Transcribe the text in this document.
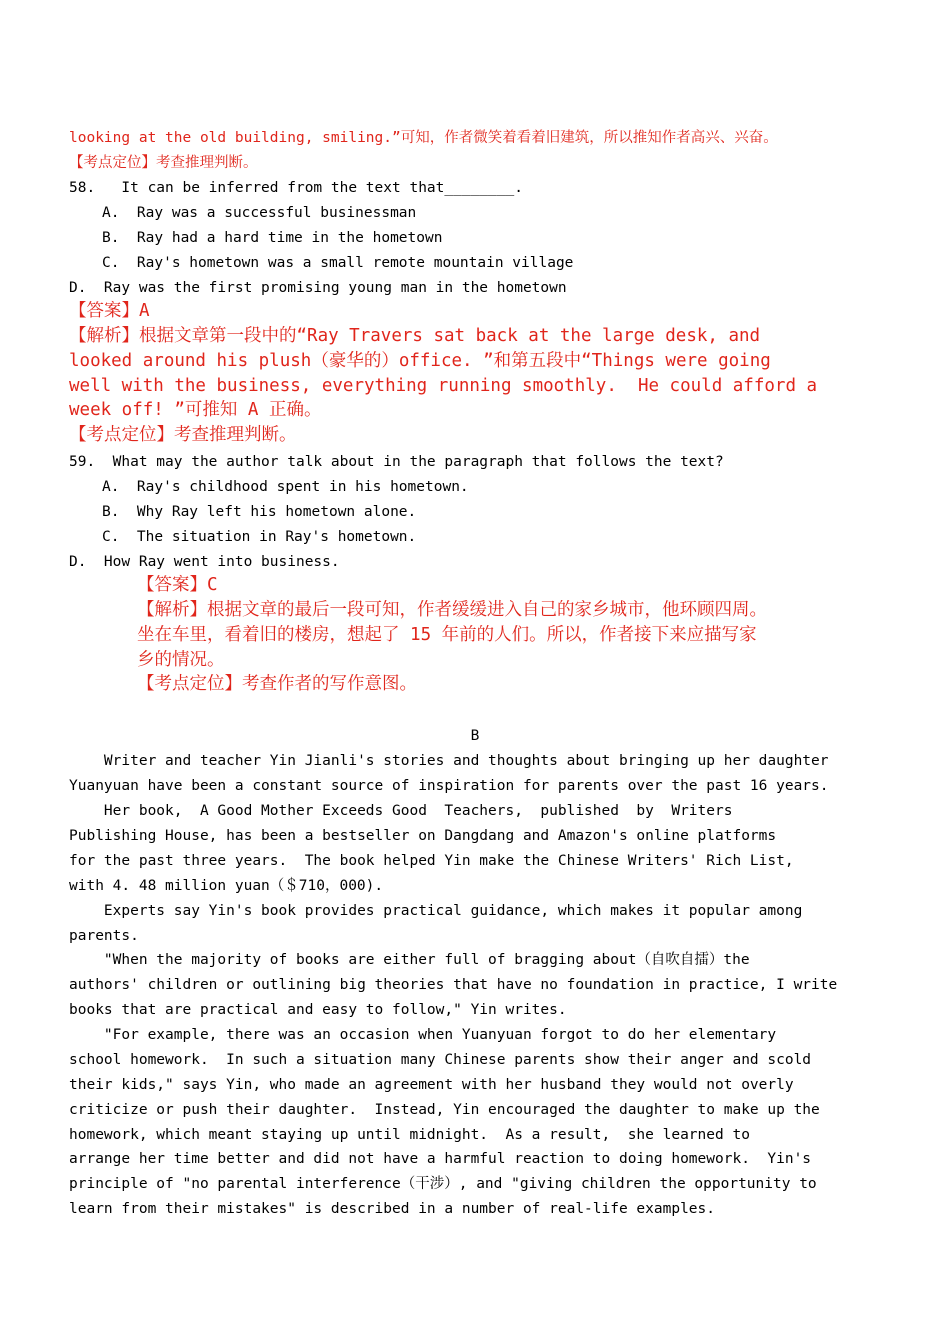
looking at the old building, smiling.”可知，作者微笑着看着旧建筑，所以推知作者高兴、兴奋。
【考点定位】考查推理判断。
58.   It can be inferred from the text that________.
A.  Ray was a successful businessman
B.  Ray had a hard time in the hometown
C.  Ray's hometown was a small remote mountain village
D.  Ray was the first promising young man in the hometown
【答案】A
【解析】根据文章第一段中的“Ray Travers sat back at the large desk, and
looked around his plush（豪华的）office. ”和第五段中“Things were going
well with the business, everything running smoothly.  He could afford a
week off! ”可推知 A 正确。
【考点定位】考查推理判断。
59.  What may the author talk about in the paragraph that follows the text?
A.  Ray's childhood spent in his hometown.
B.  Why Ray left his hometown alone.
C.  The situation in Ray's hometown.
D.  How Ray went into business.
【答案】C
【解析】根据文章的最后一段可知，作者缓缓进入自己的家乡城市，他环顾四周。
坐在车里，看着旧的楼房，想起了 15 年前的人们。所以，作者接下来应描写家
乡的情况。
【考点定位】考查作者的写作意图。
B
Writer and teacher Yin Jianli's stories and thoughts about bringing up her daughter
Yuanyuan have been a constant source of inspiration for parents over the past 16 years.
Her book,  A Good Mother Exceeds Good  Teachers,  published  by  Writers
Publishing House, has been a bestseller on Dangdang and Amazon's online platforms
for the past three years.  The book helped Yin make the Chinese Writers' Rich List,
with 4. 48 million yuan（＄710，000).
Experts say Yin's book provides practical guidance, which makes it popular among
parents.
"When the majority of books are either full of bragging about（自吹自擂）the
authors' children or outlining big theories that have no foundation in practice, I write
books that are practical and easy to follow," Yin writes.
"For example, there was an occasion when Yuanyuan forgot to do her elementary
school homework.  In such a situation many Chinese parents show their anger and scold
their kids," says Yin, who made an agreement with her husband they would not overly
criticize or push their daughter.  Instead, Yin encouraged the daughter to make up the
homework, which meant staying up until midnight.  As a result,  she learned to
arrange her time better and did not have a harmful reaction to doing homework.  Yin's
principle of "no parental interference（干涉）, and "giving children the opportunity to
learn from their mistakes" is described in a number of real-life examples.
